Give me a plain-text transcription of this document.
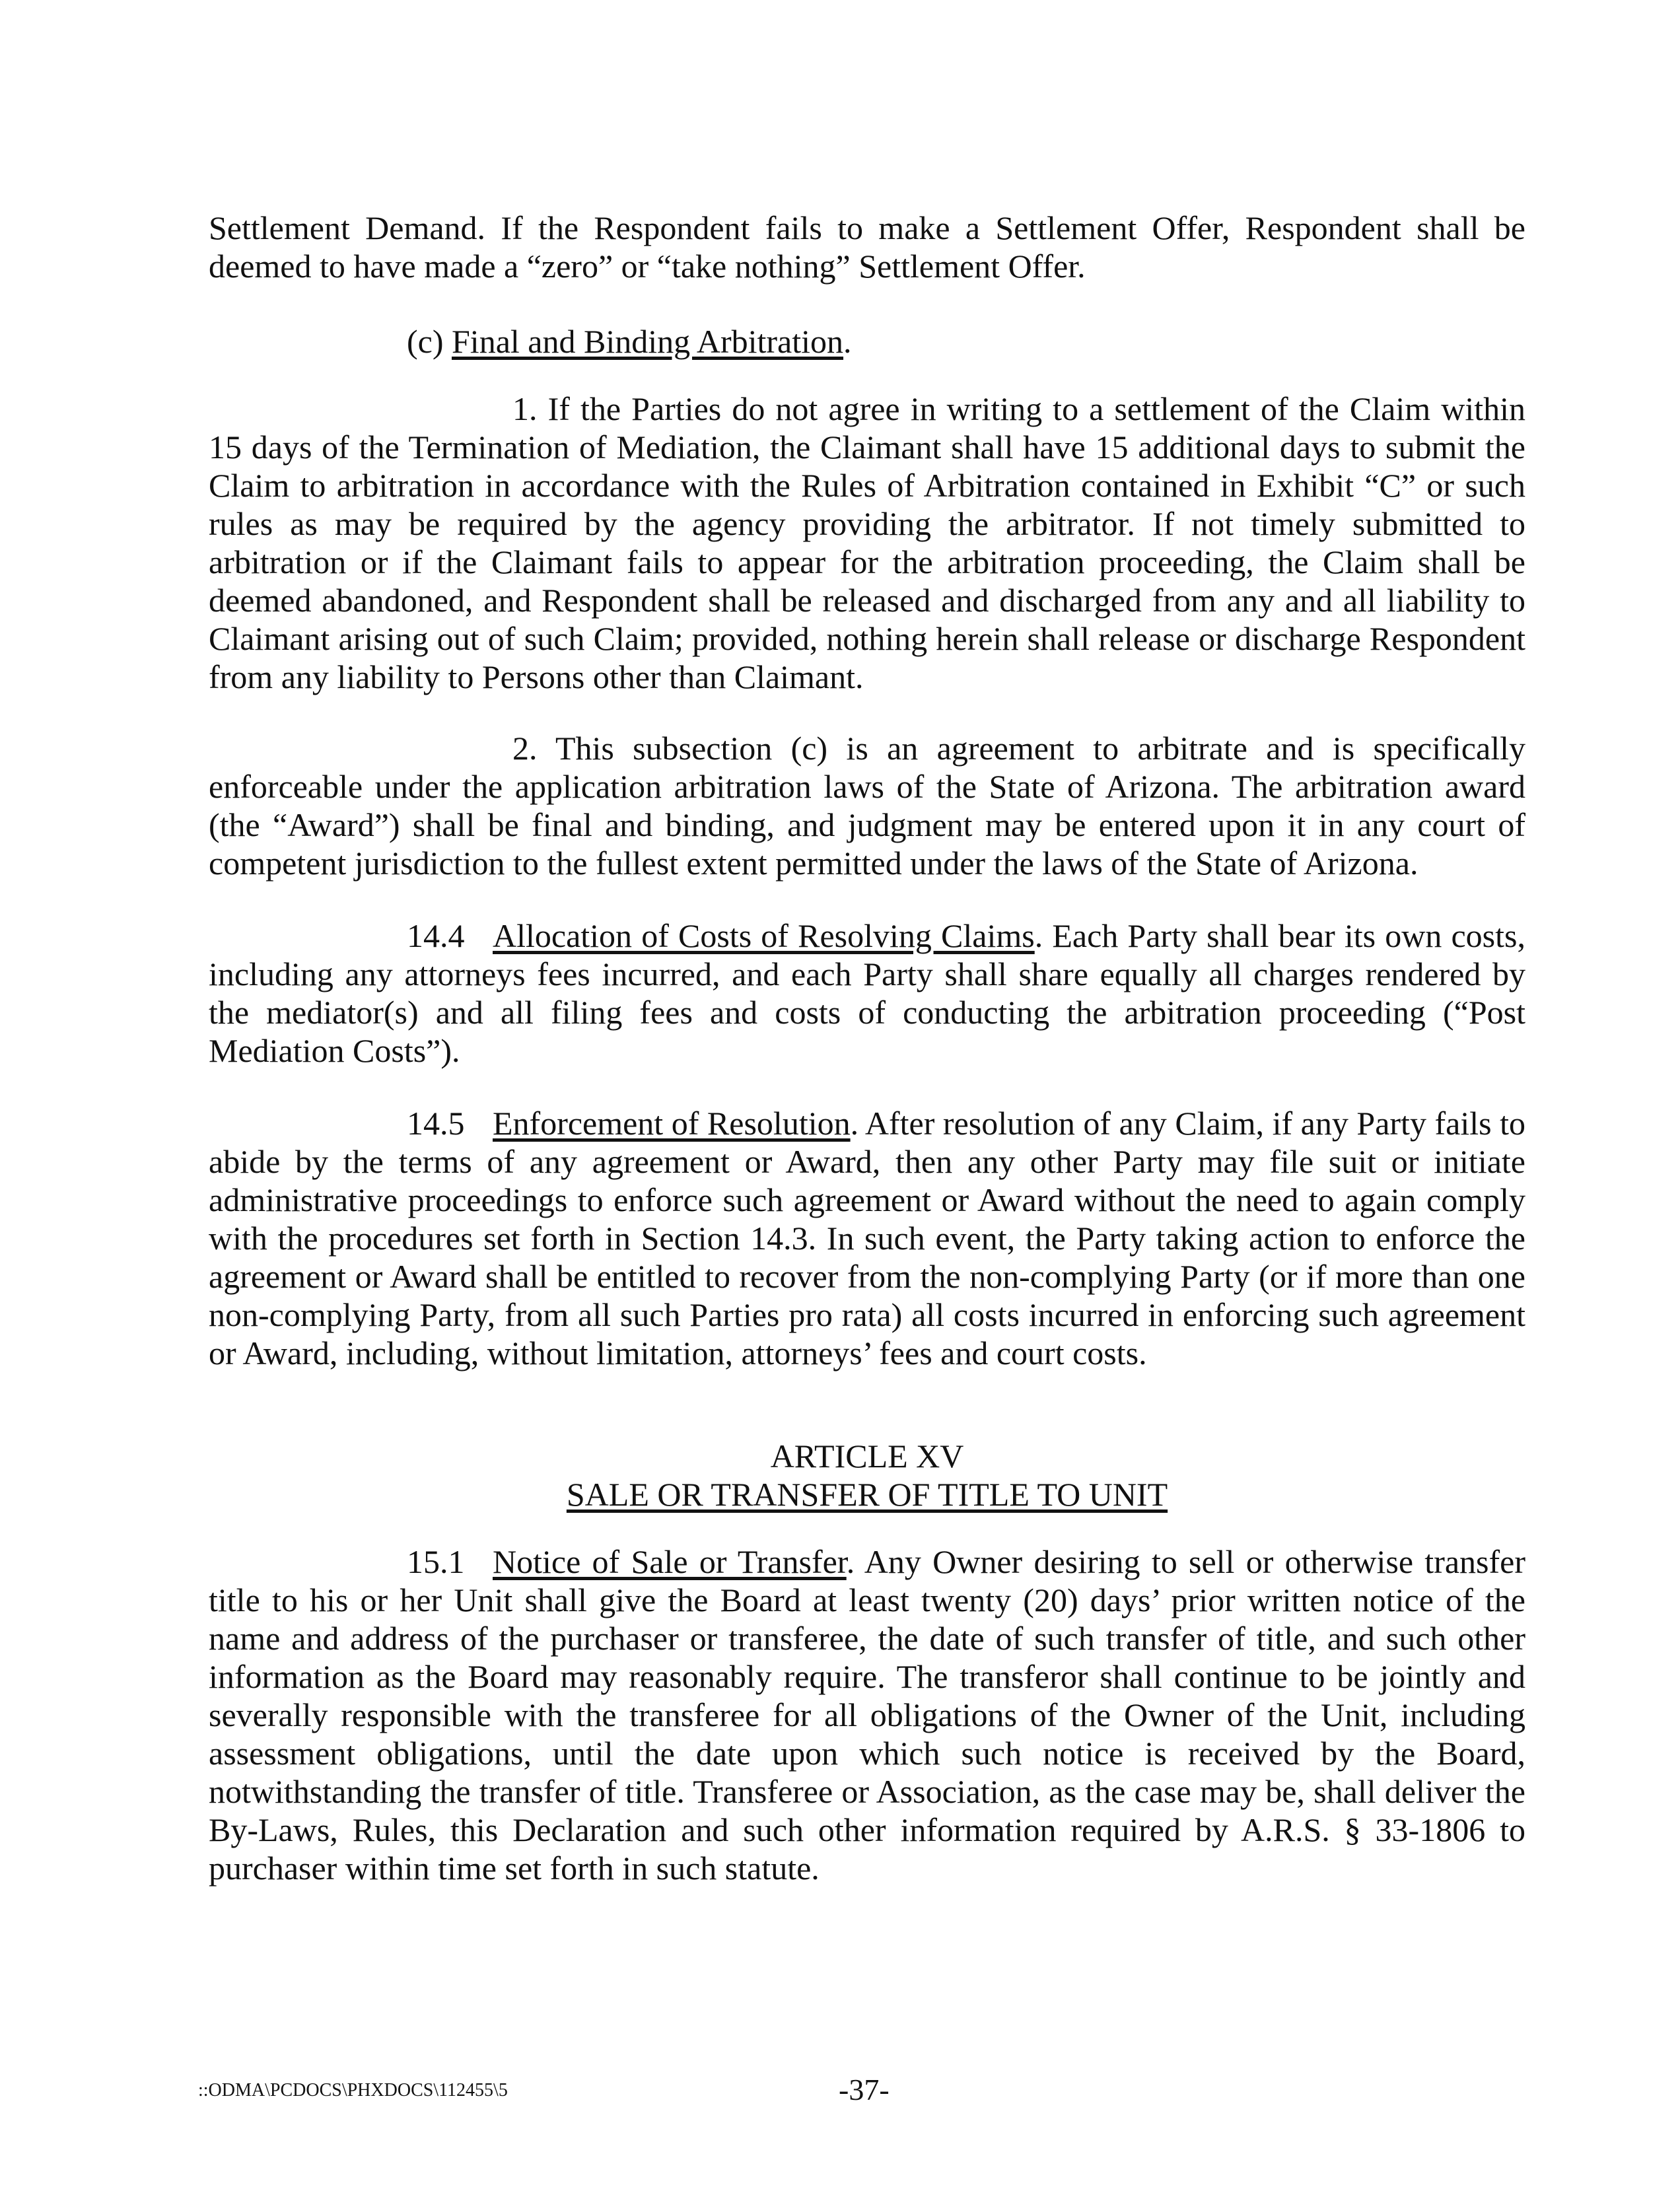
Settlement Demand. If the Respondent fails to make a Settlement Offer, Respondent shall be deemed to have made a “zero” or “take nothing” Settlement Offer.
(c) Final and Binding Arbitration.
1. If the Parties do not agree in writing to a settlement of the Claim within 15 days of the Termination of Mediation, the Claimant shall have 15 additional days to submit the Claim to arbitration in accordance with the Rules of Arbitration contained in Exhibit “C” or such rules as may be required by the agency providing the arbitrator. If not timely submitted to arbitration or if the Claimant fails to appear for the arbitration proceeding, the Claim shall be deemed abandoned, and Respondent shall be released and discharged from any and all liability to Claimant arising out of such Claim; provided, nothing herein shall release or discharge Respondent from any liability to Persons other than Claimant.
2. This subsection (c) is an agreement to arbitrate and is specifically enforceable under the application arbitration laws of the State of Arizona. The arbitration award (the “Award”) shall be final and binding, and judgment may be entered upon it in any court of competent jurisdiction to the fullest extent permitted under the laws of the State of Arizona.
14.4 Allocation of Costs of Resolving Claims. Each Party shall bear its own costs, including any attorneys fees incurred, and each Party shall share equally all charges rendered by the mediator(s) and all filing fees and costs of conducting the arbitration proceeding (“Post Mediation Costs”).
14.5 Enforcement of Resolution. After resolution of any Claim, if any Party fails to abide by the terms of any agreement or Award, then any other Party may file suit or initiate administrative proceedings to enforce such agreement or Award without the need to again comply with the procedures set forth in Section 14.3. In such event, the Party taking action to enforce the agreement or Award shall be entitled to recover from the non-complying Party (or if more than one non-complying Party, from all such Parties pro rata) all costs incurred in enforcing such agreement or Award, including, without limitation, attorneys’ fees and court costs.
ARTICLE XV
SALE OR TRANSFER OF TITLE TO UNIT
15.1 Notice of Sale or Transfer. Any Owner desiring to sell or otherwise transfer title to his or her Unit shall give the Board at least twenty (20) days’ prior written notice of the name and address of the purchaser or transferee, the date of such transfer of title, and such other information as the Board may reasonably require. The transferor shall continue to be jointly and severally responsible with the transferee for all obligations of the Owner of the Unit, including assessment obligations, until the date upon which such notice is received by the Board, notwithstanding the transfer of title. Transferee or Association, as the case may be, shall deliver the By-Laws, Rules, this Declaration and such other information required by A.R.S. § 33-1806 to purchaser within time set forth in such statute.
::ODMA\PCDOCS\PHXDOCS\112455\5	-37-
